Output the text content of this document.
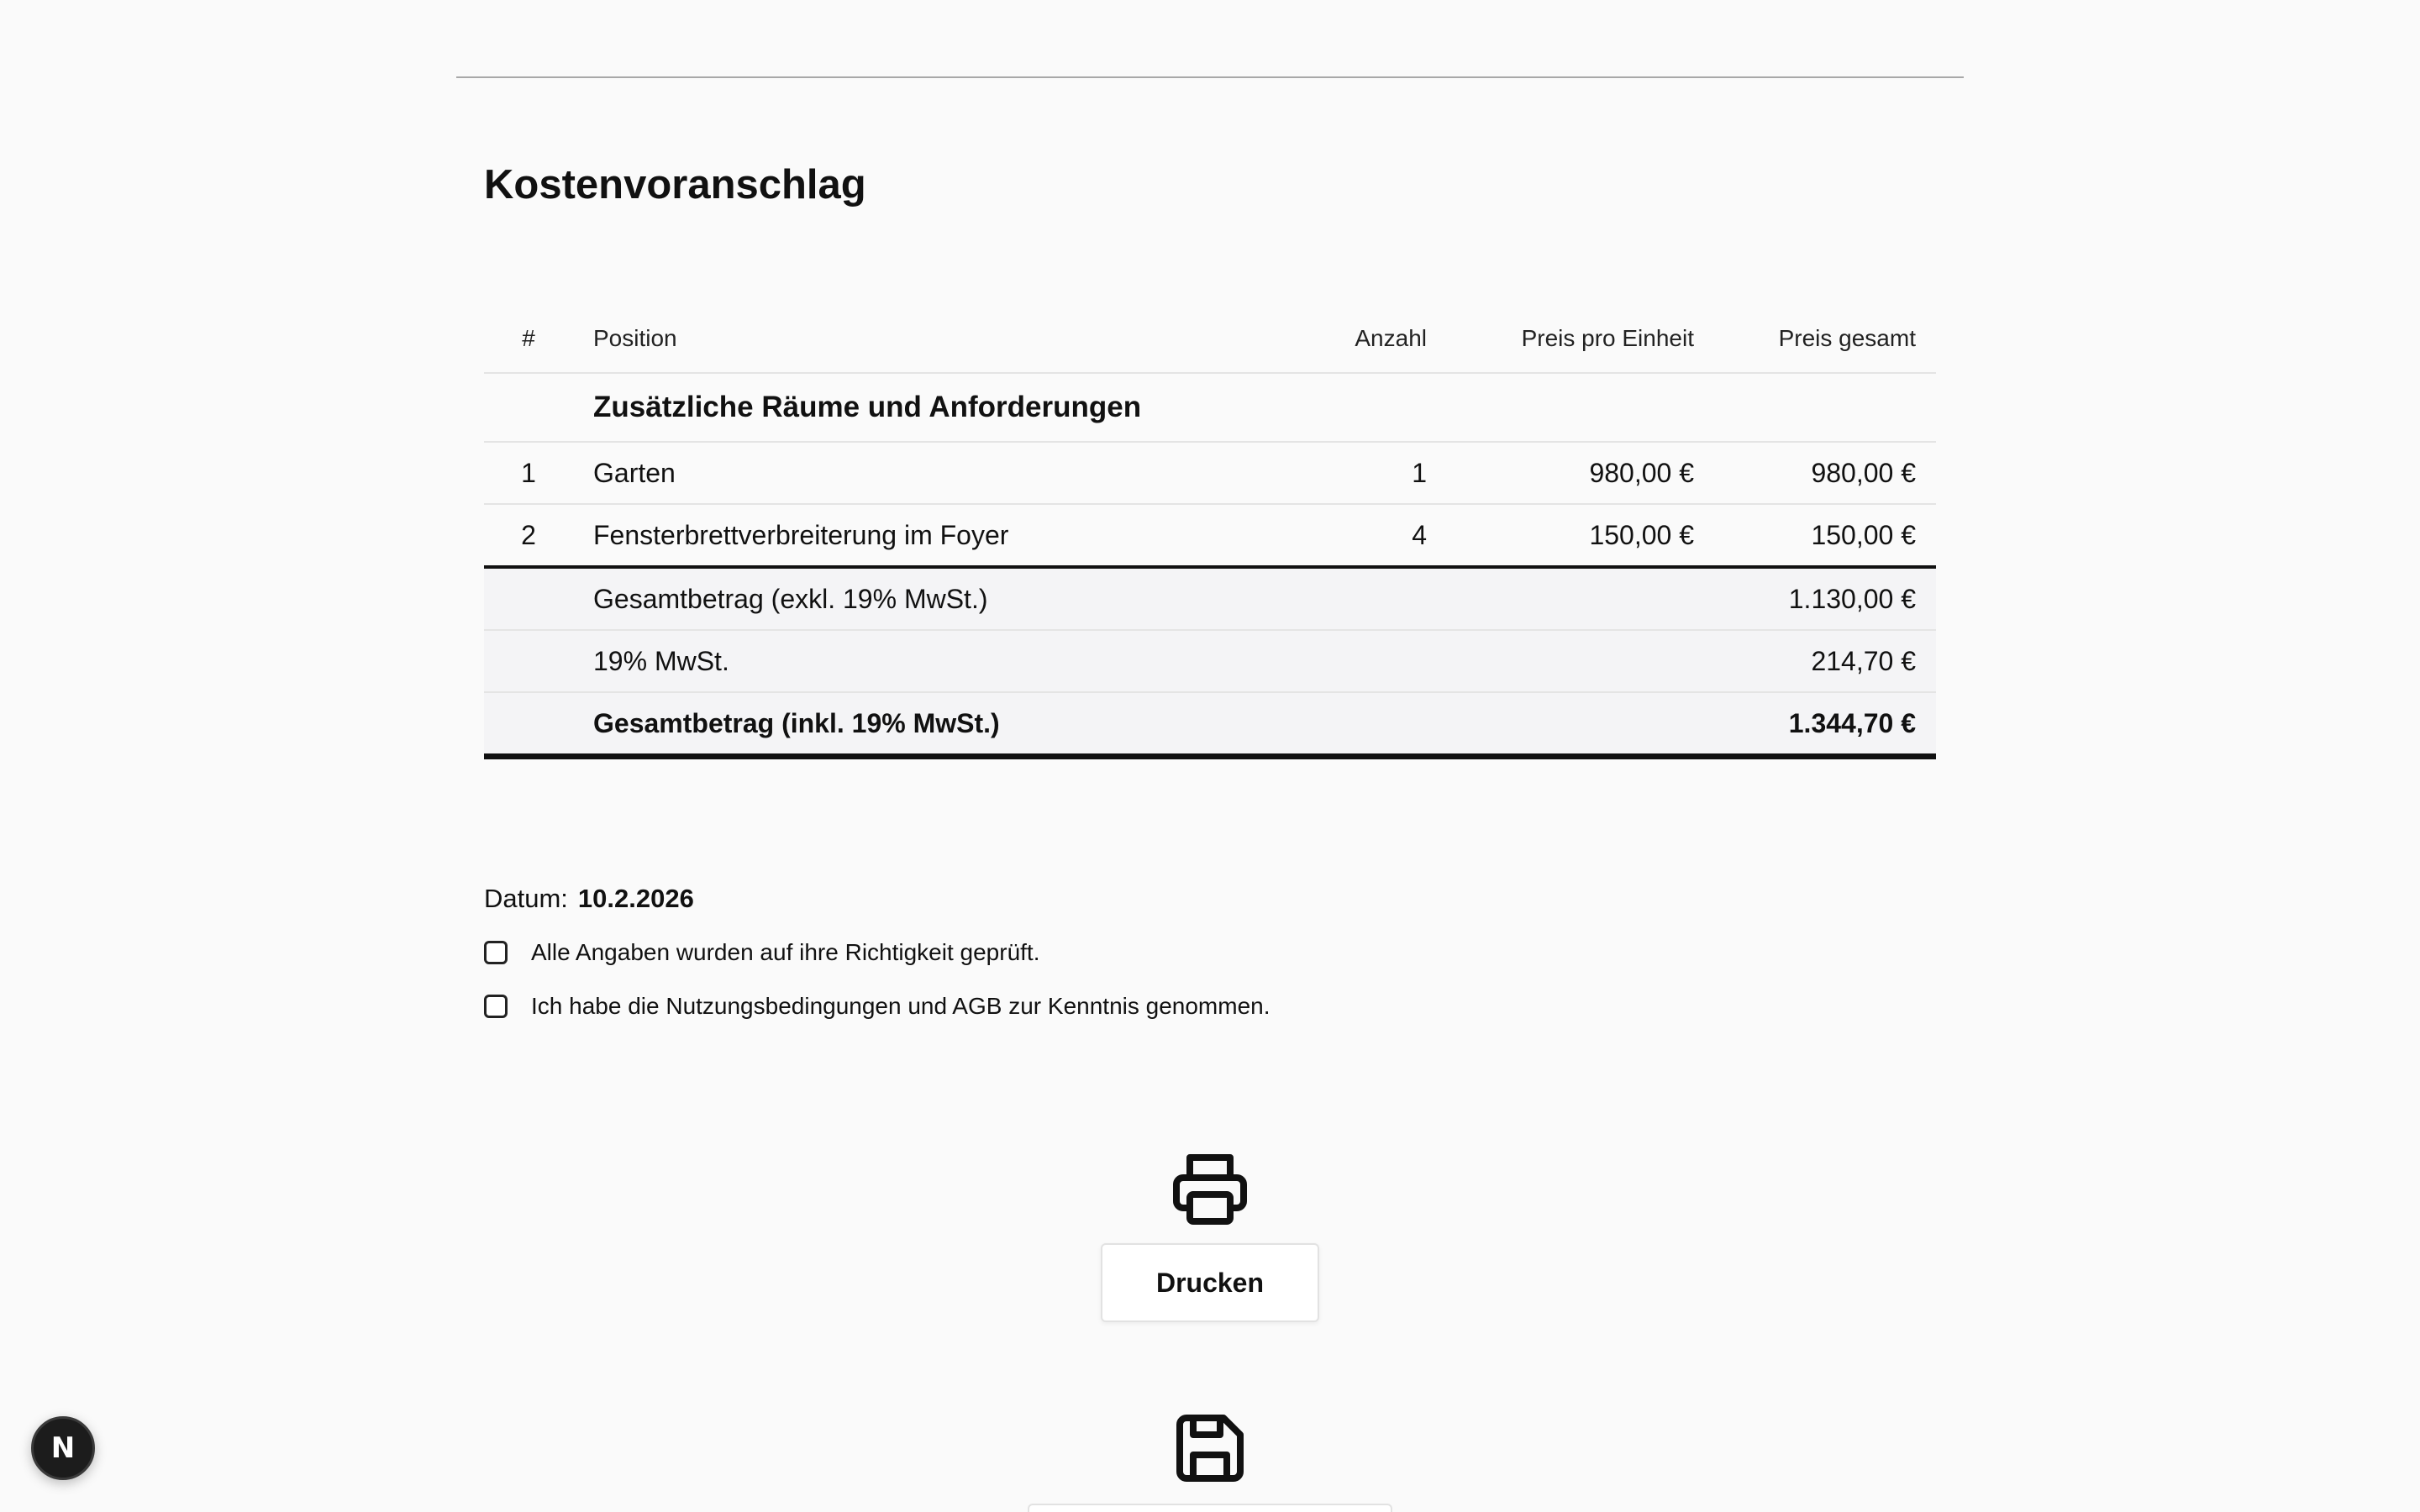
Kostenvoranschlag
#	Position	Anzahl	Preis pro Einheit	Preis gesamt
	Zusätzliche Räume und Anforderungen			
1	Garten	1	980,00 €	980,00 €
2	Fensterbrettverbreiterung im Foyer	4	150,00 €	150,00 €
	Gesamtbetrag (exkl. 19% MwSt.)			1.130,00 €
	19% MwSt.			214,70 €
	Gesamtbetrag (inkl. 19% MwSt.)			1.344,70 €
Datum: 10.2.2026
Alle Angaben wurden auf ihre Richtigkeit geprüft.
Ich habe die Nutzungsbedingungen und AGB zur Kenntnis genommen.
Drucken
N
